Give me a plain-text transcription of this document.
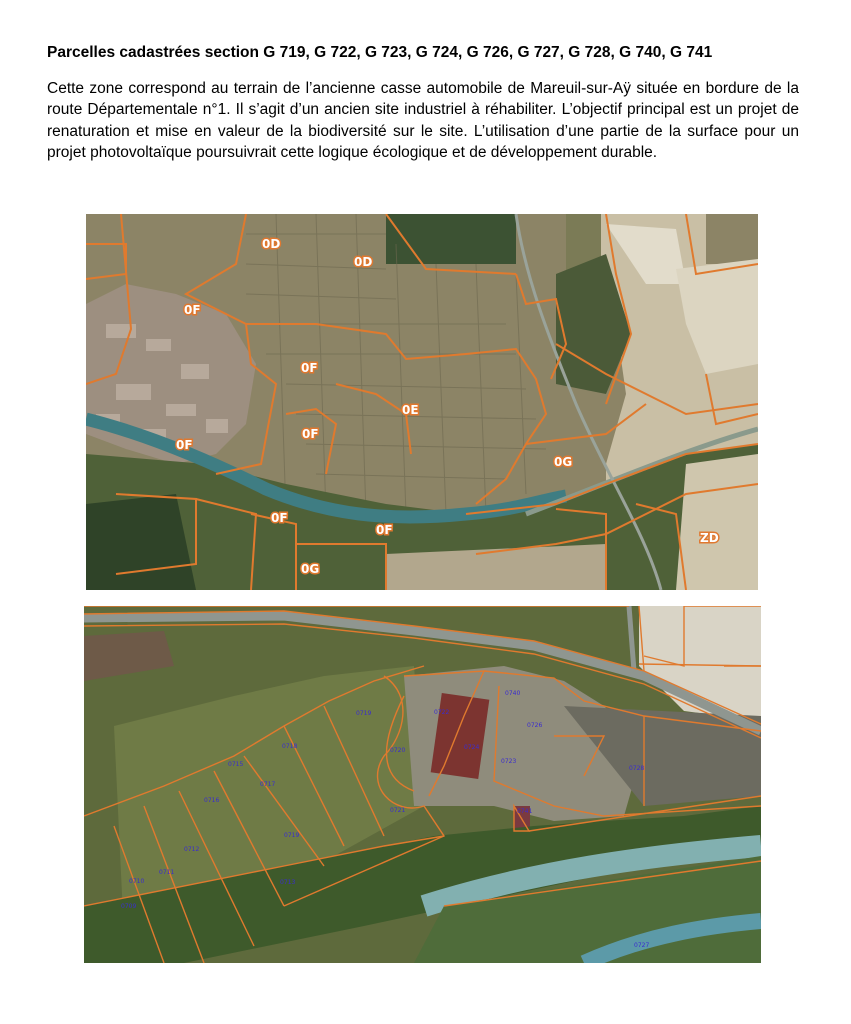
Parcelles cadastrées section G 719, G 722, G 723, G 724, G 726, G 727, G 728, G 740, G 741

Cette zone correspond au terrain de l’ancienne casse automobile de Mareuil-sur-Aÿ située en bordure de la route Départementale n°1. Il s’agit d’un ancien site industriel à réhabiliter. L’objectif principal est un projet de renaturation et mise en valeur de la biodiversité sur le site. L’utilisation d’une partie de la surface pour un projet photovoltaïque poursuivrait cette logique écologique et de développement durable.

0D
0D
0F
0F
0E
0F
0F
0G
0F
0F
0G
ZD
0719	0722
0740
0726
0724
0723
0728
0741
0720
0721
0718
0715
0717
0716
0719
0712
0711
0710
0709
0713
0727
